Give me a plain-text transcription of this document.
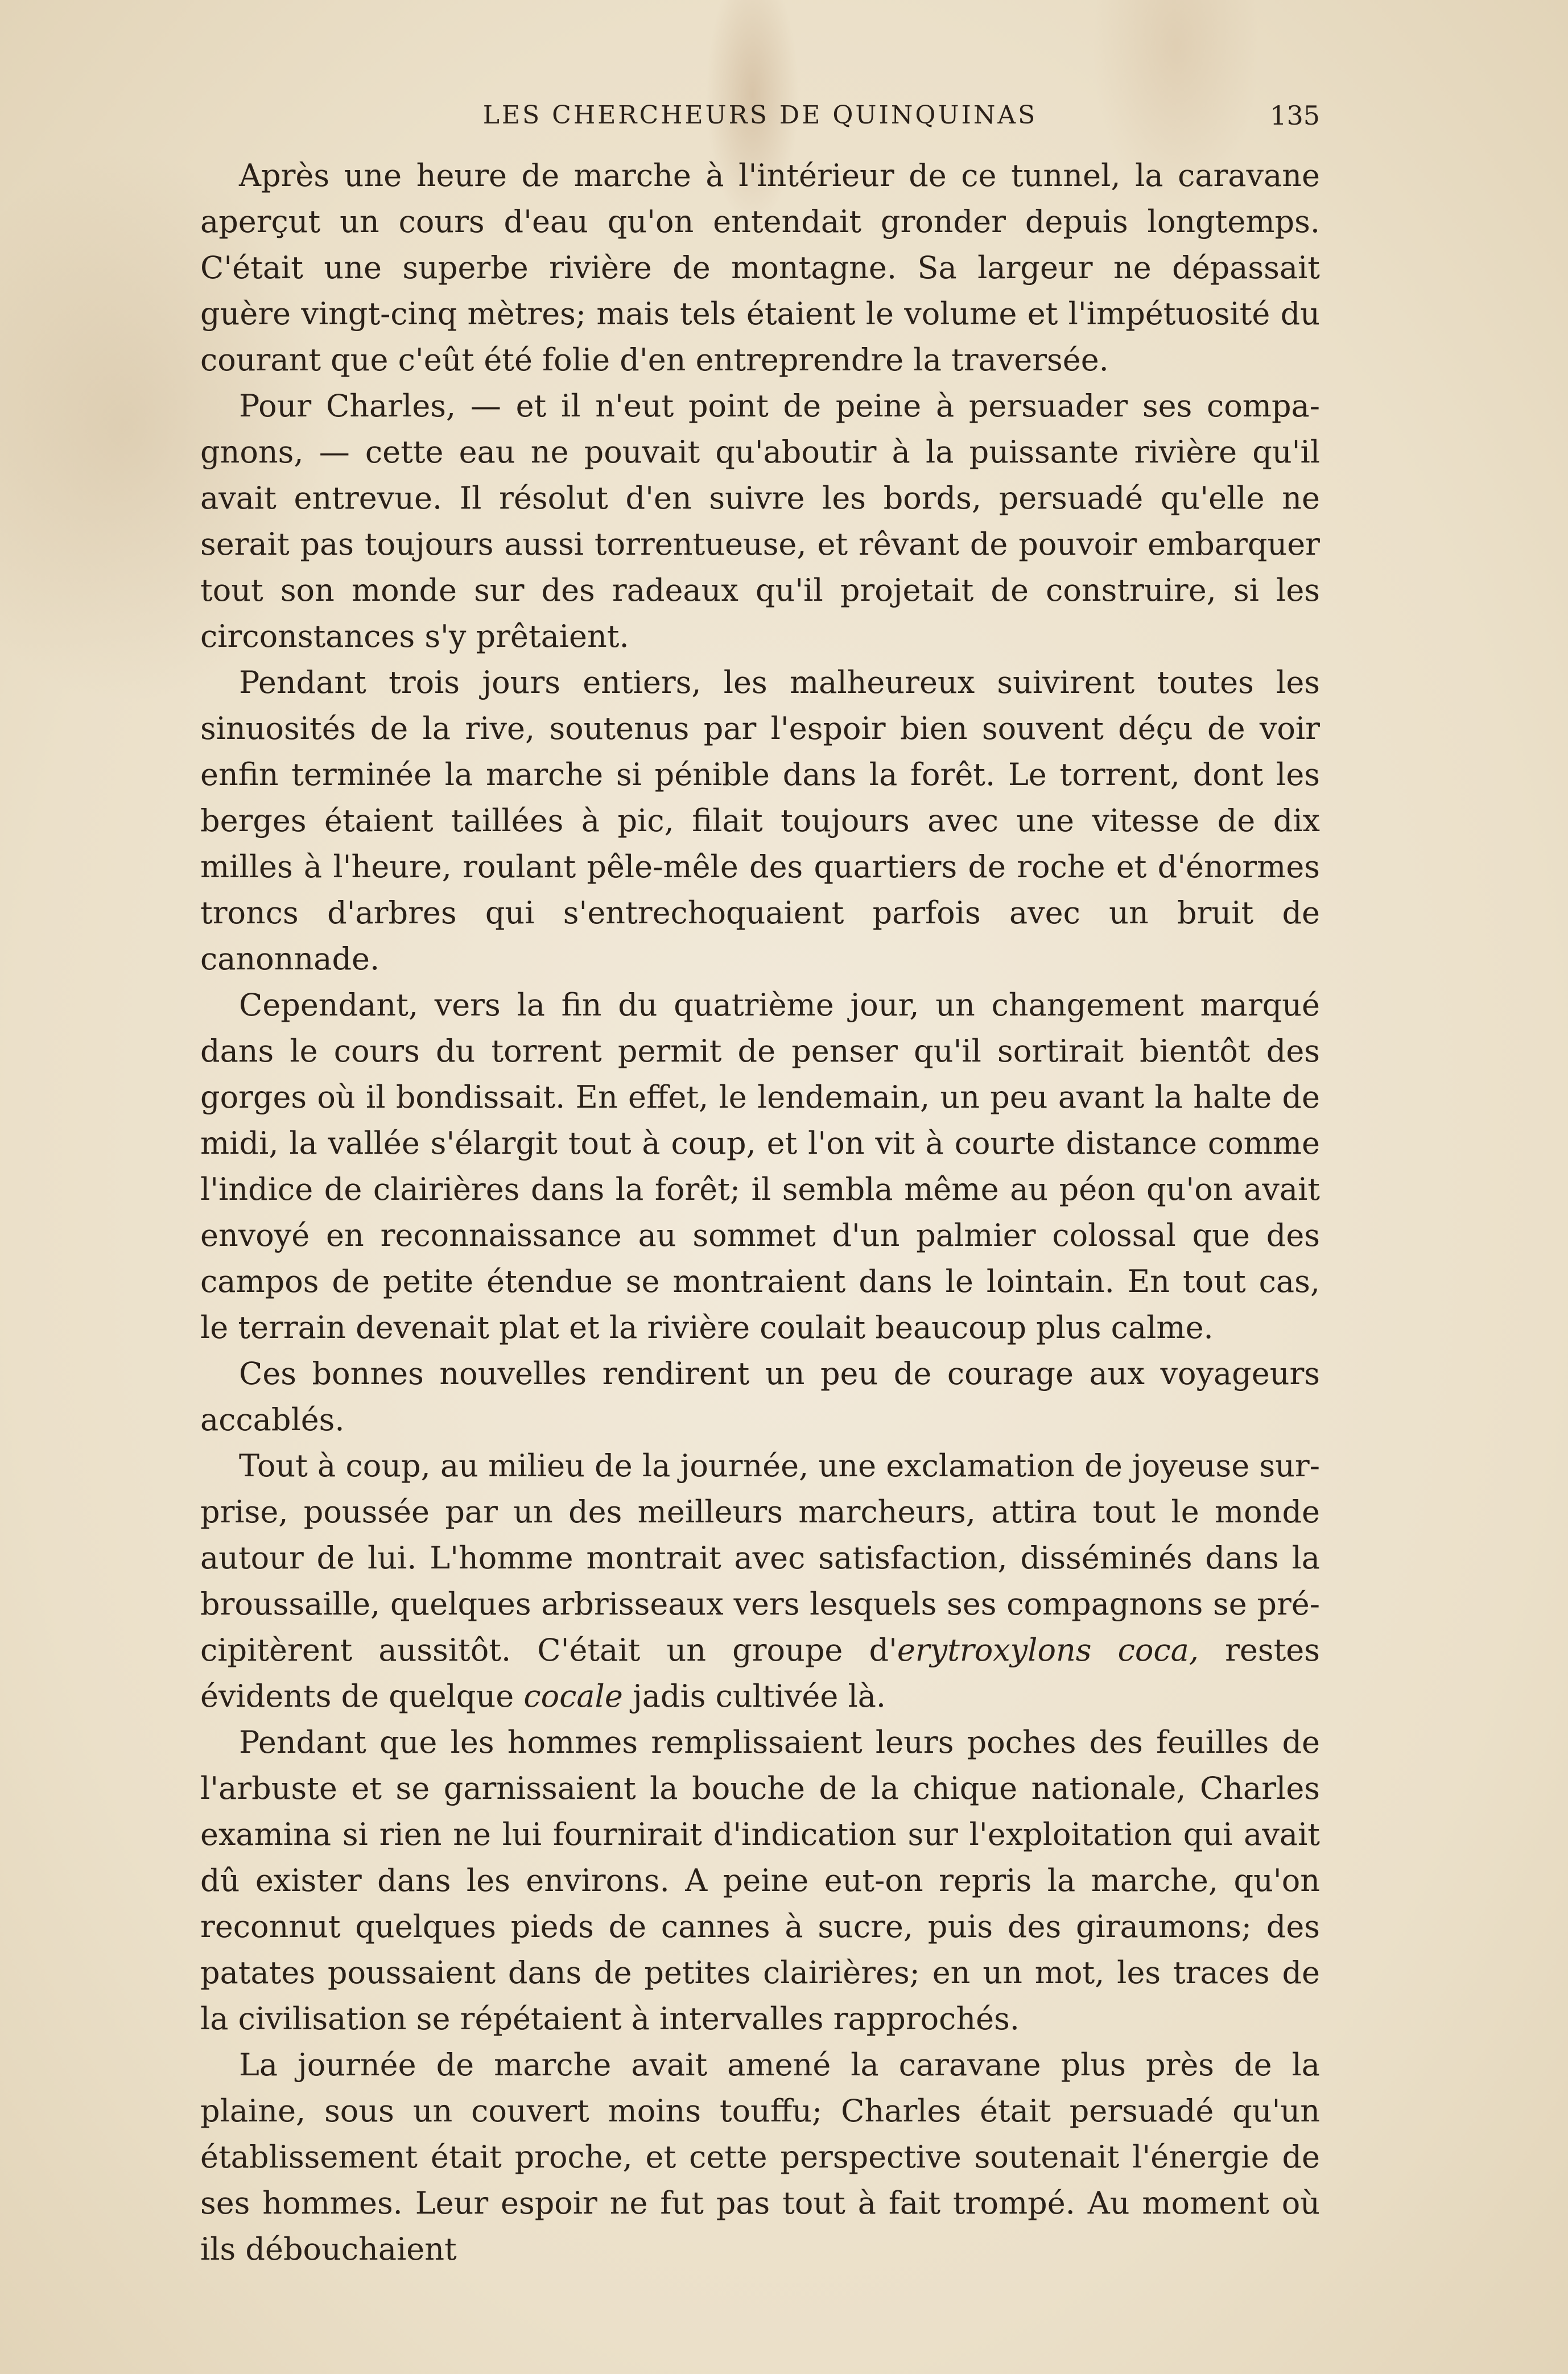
LES CHERCHEURS DE QUINQUINAS	135

Après une heure de marche à l'intérieur de ce tunnel, la caravane aperçut un cours d'eau qu'on entendait gronder depuis longtemps. C'était une superbe rivière de montagne. Sa largeur ne dépassait guère vingt-cinq mètres; mais tels étaient le volume et l'impétuosité du courant que c'eût été folie d'en entreprendre la traversée.

Pour Charles, — et il n'eut point de peine à persuader ses compagnons, — cette eau ne pouvait qu'aboutir à la puissante rivière qu'il avait entrevue. Il résolut d'en suivre les bords, persuadé qu'elle ne serait pas toujours aussi torrentueuse, et rêvant de pouvoir embarquer tout son monde sur des radeaux qu'il projetait de construire, si les circonstances s'y prêtaient.

Pendant trois jours entiers, les malheureux suivirent toutes les sinuosités de la rive, soutenus par l'espoir bien souvent déçu de voir enfin terminée la marche si pénible dans la forêt. Le torrent, dont les berges étaient taillées à pic, filait toujours avec une vitesse de dix milles à l'heure, roulant pêle-mêle des quartiers de roche et d'énormes troncs d'arbres qui s'entrechoquaient parfois avec un bruit de canonnade.

Cependant, vers la fin du quatrième jour, un changement marqué dans le cours du torrent permit de penser qu'il sortirait bientôt des gorges où il bondissait. En effet, le lendemain, un peu avant la halte de midi, la vallée s'élargit tout à coup, et l'on vit à courte distance comme l'indice de clairières dans la forêt; il sembla même au péon qu'on avait envoyé en reconnaissance au sommet d'un palmier colossal que des campos de petite étendue se montraient dans le lointain. En tout cas, le terrain devenait plat et la rivière coulait beaucoup plus calme.

Ces bonnes nouvelles rendirent un peu de courage aux voyageurs accablés.

Tout à coup, au milieu de la journée, une exclamation de joyeuse surprise, poussée par un des meilleurs marcheurs, attira tout le monde autour de lui. L'homme montrait avec satisfaction, disséminés dans la broussaille, quelques arbrisseaux vers lesquels ses compagnons se précipitèrent aussitôt. C'était un groupe d'erytroxylons coca, restes évidents de quelque cocale jadis cultivée là.

Pendant que les hommes remplissaient leurs poches des feuilles de l'arbuste et se garnissaient la bouche de la chique nationale, Charles examina si rien ne lui fournirait d'indication sur l'exploitation qui avait dû exister dans les environs. A peine eut-on repris la marche, qu'on reconnut quelques pieds de cannes à sucre, puis des giraumons; des patates poussaient dans de petites clairières; en un mot, les traces de la civilisation se répétaient à intervalles rapprochés.

La journée de marche avait amené la caravane plus près de la plaine, sous un couvert moins touffu; Charles était persuadé qu'un établissement était proche, et cette perspective soutenait l'énergie de ses hommes. Leur espoir ne fut pas tout à fait trompé. Au moment où ils débouchaient
